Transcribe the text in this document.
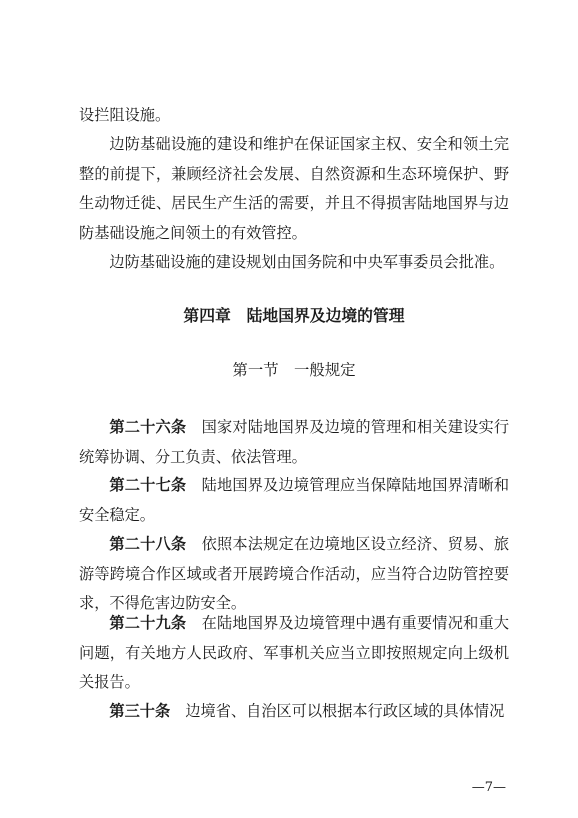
设拦阻设施。

边防基础设施的建设和维护在保证国家主权、安全和领土完整的前提下，兼顾经济社会发展、自然资源和生态环境保护、野生动物迁徙、居民生产生活的需要，并且不得损害陆地国界与边防基础设施之间领土的有效管控。

边防基础设施的建设规划由国务院和中央军事委员会批准。

第四章　陆地国界及边境的管理
第一节　一般规定

第二十六条　国家对陆地国界及边境的管理和相关建设实行统筹协调、分工负责、依法管理。

第二十七条　陆地国界及边境管理应当保障陆地国界清晰和安全稳定。

第二十八条　依照本法规定在边境地区设立经济、贸易、旅游等跨境合作区域或者开展跨境合作活动，应当符合边防管控要求，不得危害边防安全。

第二十九条　在陆地国界及边境管理中遇有重要情况和重大问题，有关地方人民政府、军事机关应当立即按照规定向上级机关报告。

第三十条　边境省、自治区可以根据本行政区域的具体情况

—7—
